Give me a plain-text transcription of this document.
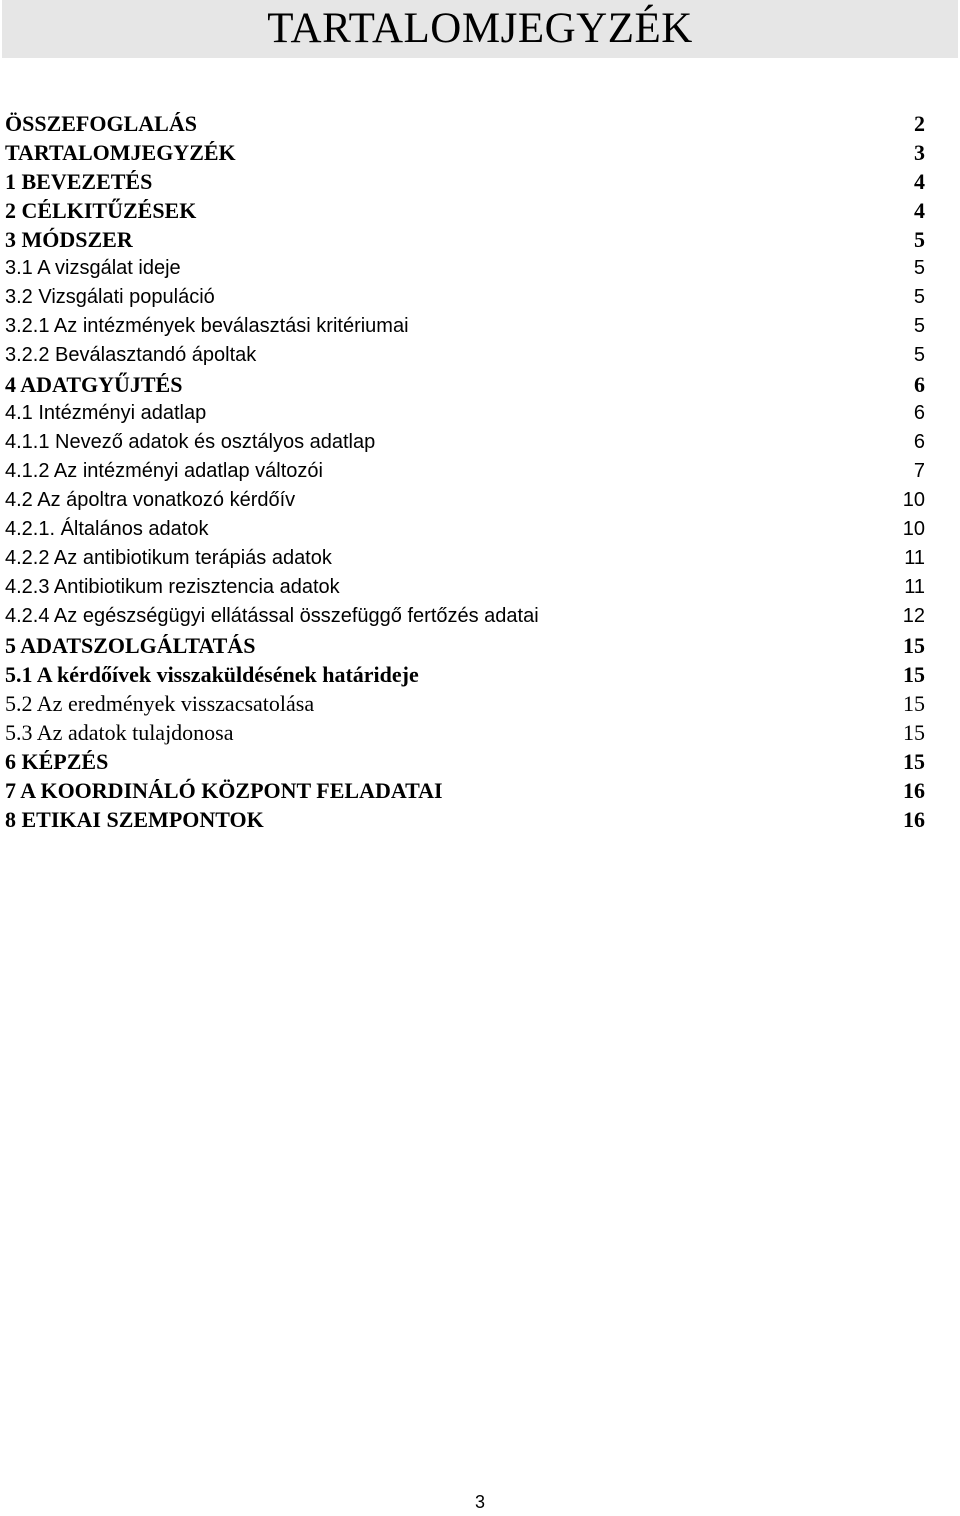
TARTALOMJEGYZÉK
ÖSSZEFOGLALÁS	2
TARTALOMJEGYZÉK	3
1 BEVEZETÉS	4
2 CÉLKITŰZÉSEK	4
3 MÓDSZER	5
3.1 A vizsgálat ideje	5
3.2 Vizsgálati populáció	5
3.2.1 Az intézmények beválasztási kritériumai	5
3.2.2 Beválasztandó ápoltak	5
4 ADATGYŰJTÉS	6
4.1 Intézményi adatlap	6
4.1.1 Nevező adatok és osztályos adatlap	6
4.1.2 Az intézményi adatlap változói	7
4.2 Az ápoltra vonatkozó kérdőív	10
4.2.1. Általános adatok	10
4.2.2 Az antibiotikum terápiás adatok	11
4.2.3 Antibiotikum rezisztencia adatok	11
4.2.4 Az egészségügyi ellátással összefüggő fertőzés adatai	12
5 ADATSZOLGÁLTATÁS	15
5.1 A kérdőívek visszaküldésének határideje	15
5.2 Az eredmények visszacsatolása	15
5.3 Az adatok tulajdonosa	15
6 KÉPZÉS	15
7 A KOORDINÁLÓ KÖZPONT FELADATAI	16
8 ETIKAI SZEMPONTOK	16
3
